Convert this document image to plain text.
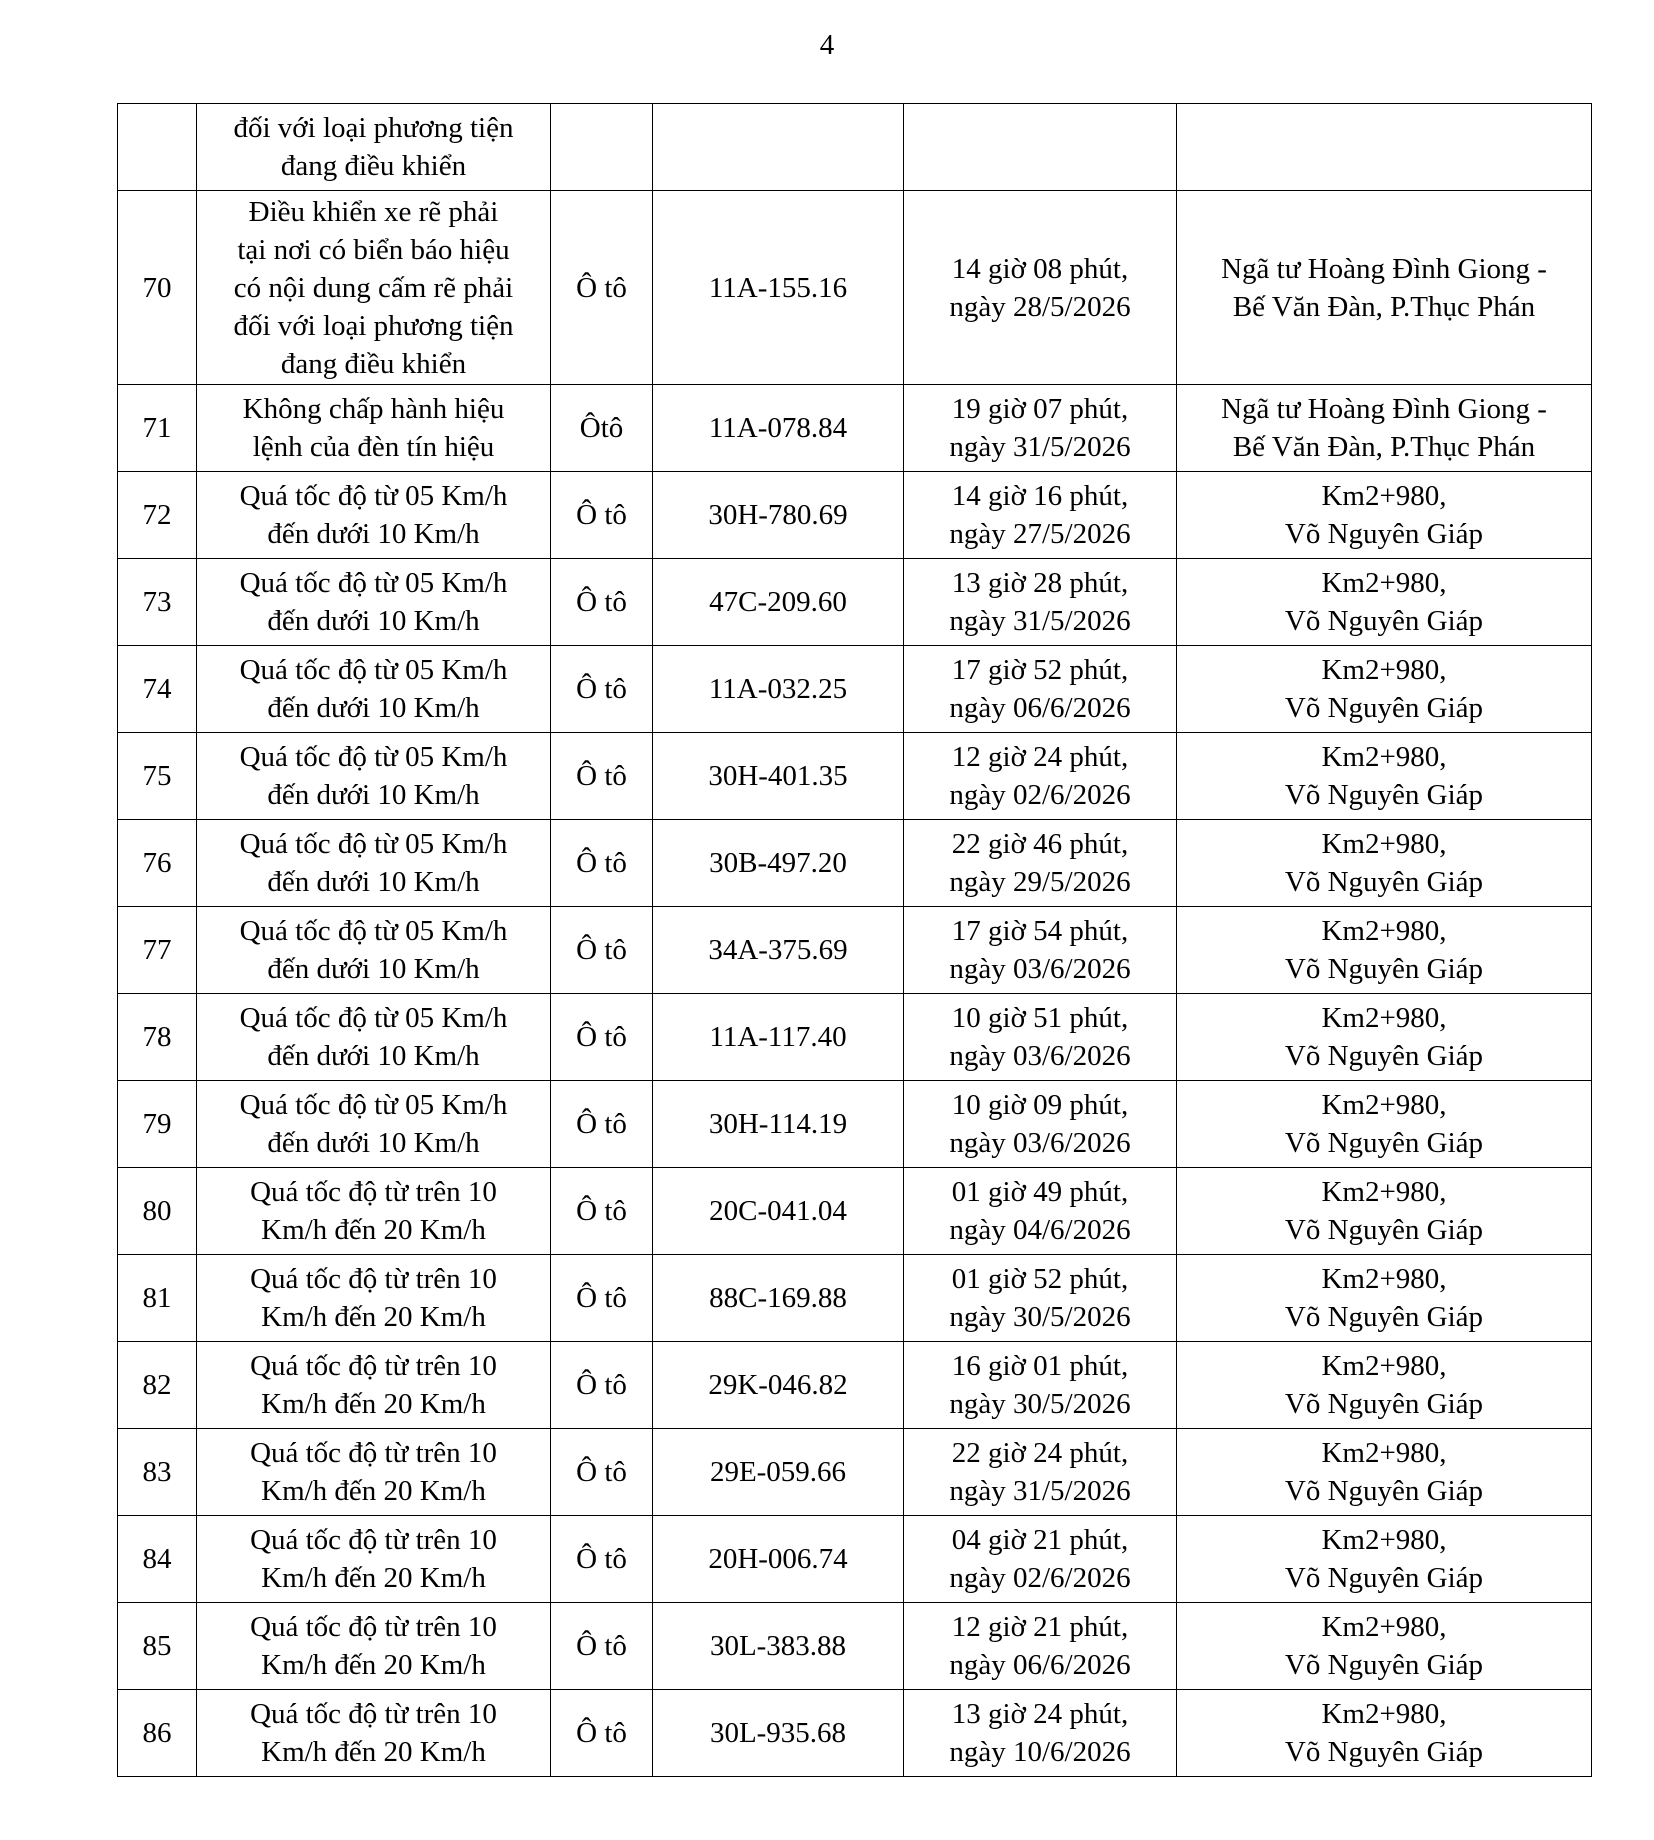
4

	đối với loại phương tiện
đang điều khiển				

70	Điều khiển xe rẽ phải
tại nơi có biển báo hiệu
có nội dung cấm rẽ phải
đối với loại phương tiện
đang điều khiển	Ô tô	11A-155.16	14 giờ 08 phút,
ngày 28/5/2026	Ngã tư Hoàng Đình Giong -
Bế Văn Đàn, P.Thục Phán

71	Không chấp hành hiệu
lệnh của đèn tín hiệu	Ôtô	11A-078.84	19 giờ 07 phút,
ngày 31/5/2026	Ngã tư Hoàng Đình Giong -
Bế Văn Đàn, P.Thục Phán

72	Quá tốc độ từ 05 Km/h
đến dưới 10 Km/h	Ô tô	30H-780.69	14 giờ 16 phút,
ngày 27/5/2026	Km2+980,
Võ Nguyên Giáp

73	Quá tốc độ từ 05 Km/h
đến dưới 10 Km/h	Ô tô	47C-209.60	13 giờ 28 phút,
ngày 31/5/2026	Km2+980,
Võ Nguyên Giáp

74	Quá tốc độ từ 05 Km/h
đến dưới 10 Km/h	Ô tô	11A-032.25	17 giờ 52 phút,
ngày 06/6/2026	Km2+980,
Võ Nguyên Giáp

75	Quá tốc độ từ 05 Km/h
đến dưới 10 Km/h	Ô tô	30H-401.35	12 giờ 24 phút,
ngày 02/6/2026	Km2+980,
Võ Nguyên Giáp

76	Quá tốc độ từ 05 Km/h
đến dưới 10 Km/h	Ô tô	30B-497.20	22 giờ 46 phút,
ngày 29/5/2026	Km2+980,
Võ Nguyên Giáp

77	Quá tốc độ từ 05 Km/h
đến dưới 10 Km/h	Ô tô	34A-375.69	17 giờ 54 phút,
ngày 03/6/2026	Km2+980,
Võ Nguyên Giáp

78	Quá tốc độ từ 05 Km/h
đến dưới 10 Km/h	Ô tô	11A-117.40	10 giờ 51 phút,
ngày 03/6/2026	Km2+980,
Võ Nguyên Giáp

79	Quá tốc độ từ 05 Km/h
đến dưới 10 Km/h	Ô tô	30H-114.19	10 giờ 09 phút,
ngày 03/6/2026	Km2+980,
Võ Nguyên Giáp

80	Quá tốc độ từ trên 10
Km/h đến 20 Km/h	Ô tô	20C-041.04	01 giờ 49 phút,
ngày 04/6/2026	Km2+980,
Võ Nguyên Giáp

81	Quá tốc độ từ trên 10
Km/h đến 20 Km/h	Ô tô	88C-169.88	01 giờ 52 phút,
ngày 30/5/2026	Km2+980,
Võ Nguyên Giáp

82	Quá tốc độ từ trên 10
Km/h đến 20 Km/h	Ô tô	29K-046.82	16 giờ 01 phút,
ngày 30/5/2026	Km2+980,
Võ Nguyên Giáp

83	Quá tốc độ từ trên 10
Km/h đến 20 Km/h	Ô tô	29E-059.66	22 giờ 24 phút,
ngày 31/5/2026	Km2+980,
Võ Nguyên Giáp

84	Quá tốc độ từ trên 10
Km/h đến 20 Km/h	Ô tô	20H-006.74	04 giờ 21 phút,
ngày 02/6/2026	Km2+980,
Võ Nguyên Giáp

85	Quá tốc độ từ trên 10
Km/h đến 20 Km/h	Ô tô	30L-383.88	12 giờ 21 phút,
ngày 06/6/2026	Km2+980,
Võ Nguyên Giáp

86	Quá tốc độ từ trên 10
Km/h đến 20 Km/h	Ô tô	30L-935.68	13 giờ 24 phút,
ngày 10/6/2026	Km2+980,
Võ Nguyên Giáp
